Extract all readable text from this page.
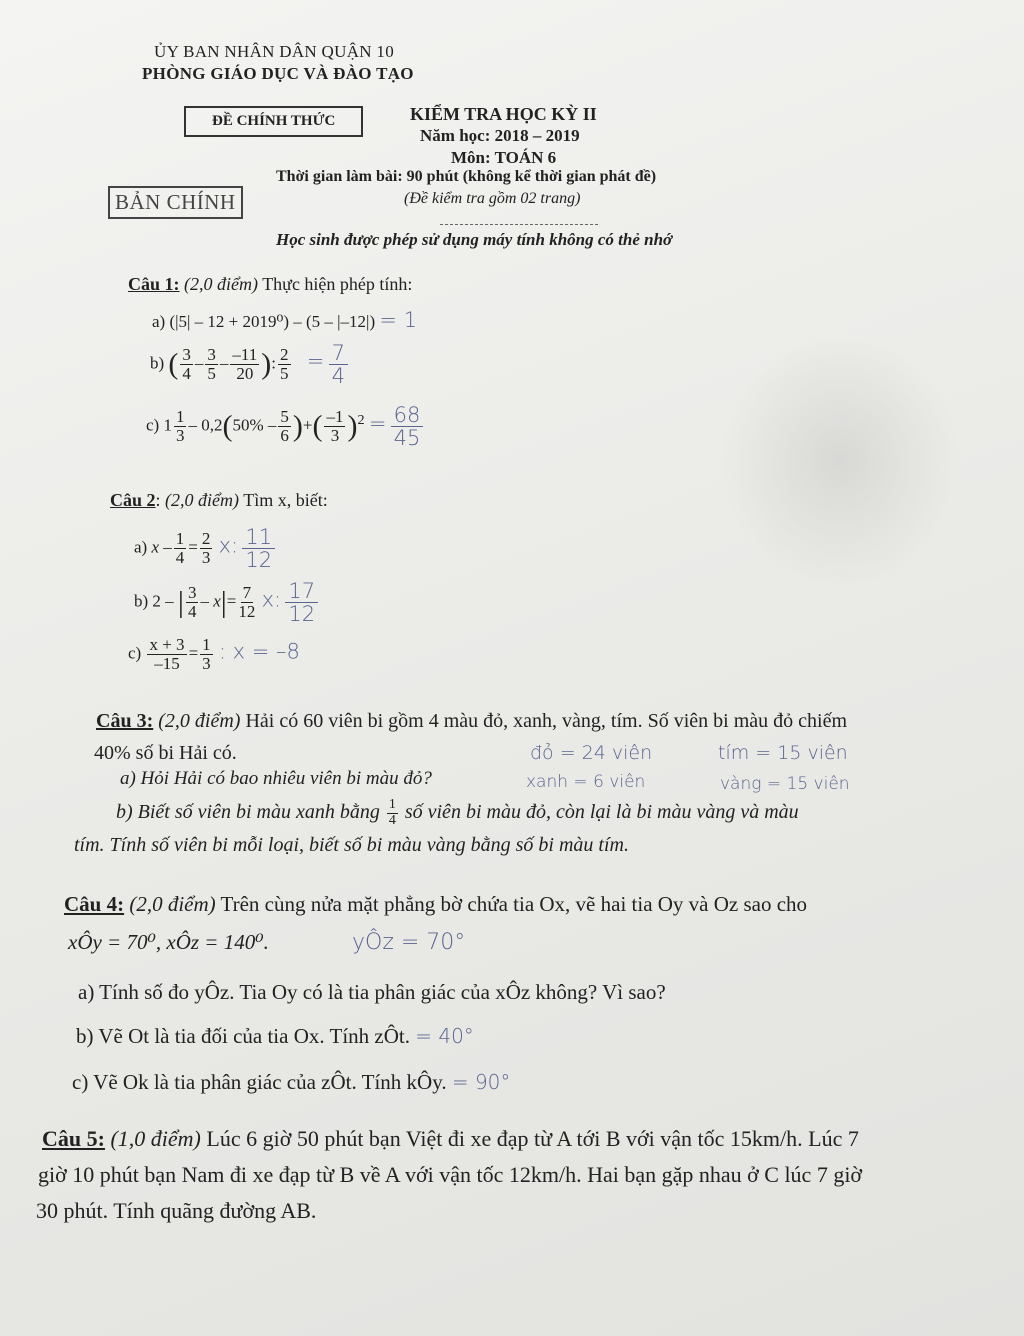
ỦY BAN NHÂN DÂN QUẬN 10
PHÒNG GIÁO DỤC VÀ ĐÀO TẠO
ĐỀ CHÍNH THỨC
BẢN CHÍNH
KIỂM TRA HỌC KỲ II
Năm học: 2018 – 2019
Môn: TOÁN 6
Thời gian làm bài: 90 phút (không kể thời gian phát đề)
(Đề kiểm tra gồm 02 trang)
Học sinh được phép sử dụng máy tính không có thẻ nhớ
Câu 1: (2,0 điểm) Thực hiện phép tính:
a) (|5| – 12 + 2019⁰) – (5 – |–12|) = 1
b) ( $\frac{3}{4} - \frac{3}{5} - \frac{-11}{20}$ ): $\frac{2}{5} = \frac{7}{4}$
c) $1 \frac{1}{3} - 0,2(50\% - \frac{5}{6}$ )+( $\frac{-1}{3} )^2 = \frac{68}{45}$
Câu 2: (2,0 điểm) Tìm x, biết:
a) $x - \frac{1}{4} = \frac{2}{3} x$: $\frac{11}{12}$
b) 2 – | $\frac{3}{4} - x|= \frac{7}{12} x$: $\frac{17}{12}$
$c) \frac{x + 3}{-15} = \frac{1}{3}$ : x = –8
Câu 3: (2,0 điểm) Hải có 60 viên bi gồm 4 màu đỏ, xanh, vàng, tím. Số viên bi màu đỏ chiếm
40% số bi Hải có.
a) Hỏi Hải có bao nhiêu viên bi màu đỏ?
b) Biết số viên bi màu xanh bằng $\frac{1}{4}$ số viên bi màu đỏ, còn lại là bi màu vàng và màu
tím. Tính số viên bi mỗi loại, biết số bi màu vàng bằng số bi màu tím.
đỏ = 24 viên	tím = 15 viên
xanh = 6 viên	vàng = 15 viên
Câu 4: (2,0 điểm) Trên cùng nửa mặt phẳng bờ chứa tia Ox, vẽ hai tia Oy và Oz sao cho
xÔy = 70⁰, xÔz = 140⁰.	yÔz = 70°
a) Tính số đo yÔz. Tia Oy có là tia phân giác của xÔz không? Vì sao?
b) Vẽ Ot là tia đối của tia Ox. Tính zÔt. = 40°
c) Vẽ Ok là tia phân giác của zÔt. Tính kÔy. = 90°
Câu 5: (1,0 điểm) Lúc 6 giờ 50 phút bạn Việt đi xe đạp từ A tới B với vận tốc 15km/h. Lúc 7
giờ 10 phút bạn Nam đi xe đạp từ B về A với vận tốc 12km/h. Hai bạn gặp nhau ở C lúc 7 giờ
30 phút. Tính quãng đường AB.
